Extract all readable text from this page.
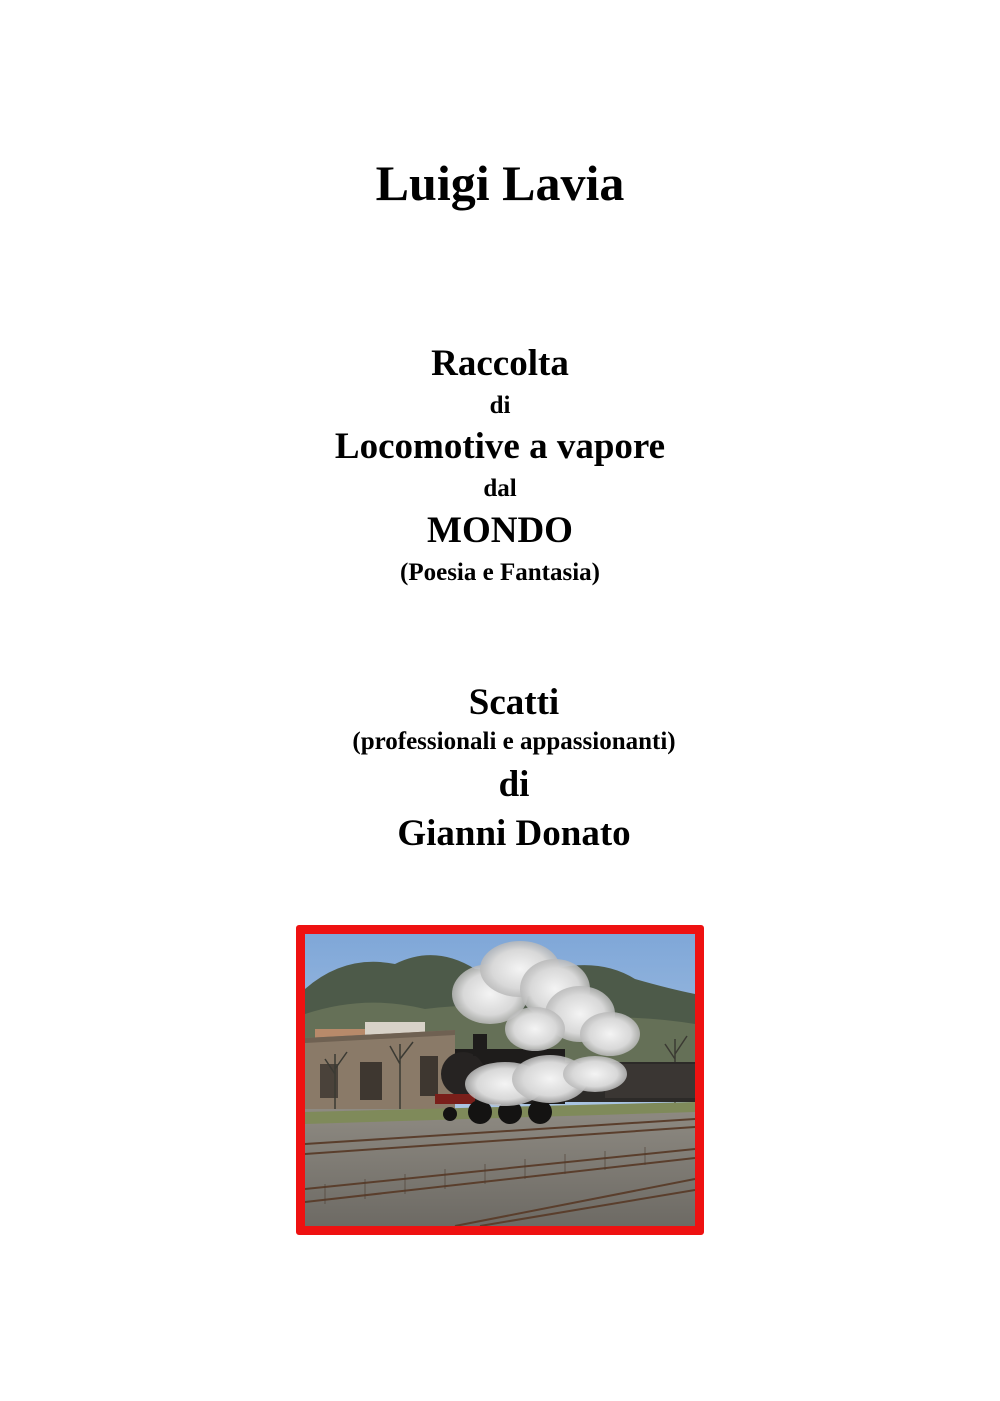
Luigi Lavia
Raccolta
di
Locomotive a vapore
dal
MONDO
(Poesia e Fantasia)
Scatti
(professionali e appassionanti)
di
Gianni Donato
